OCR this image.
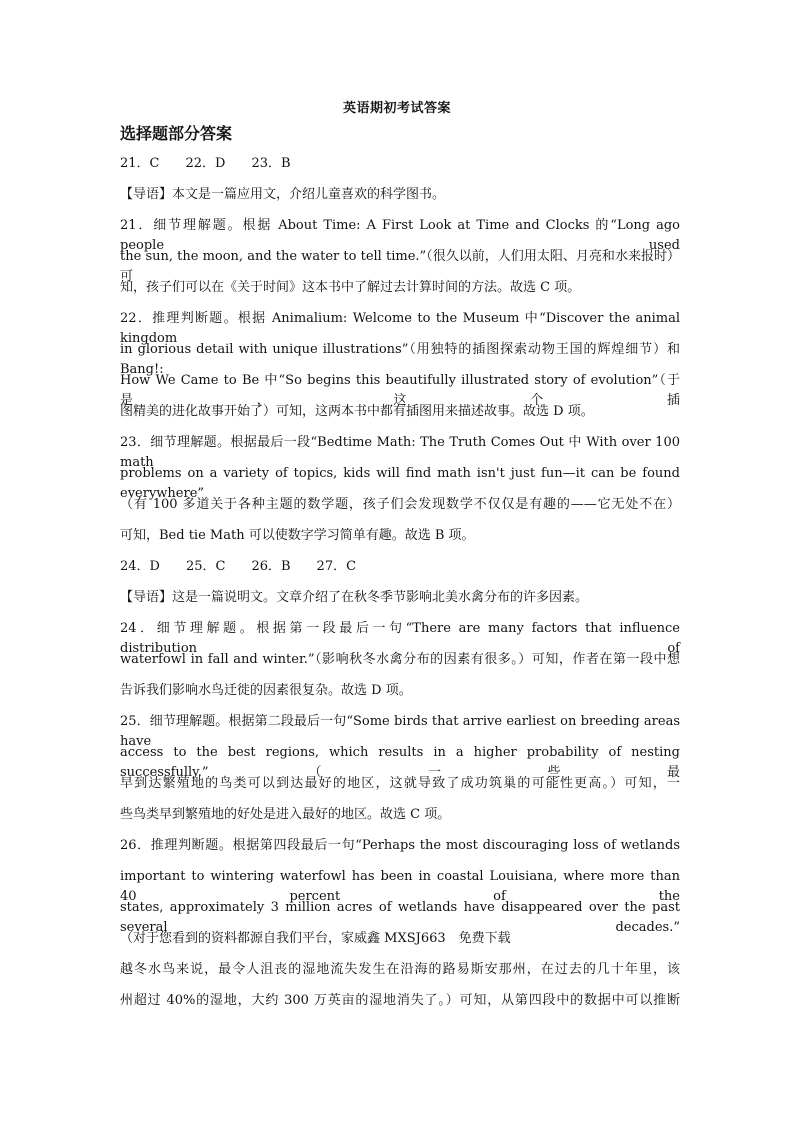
英语期初考试答案
选择题部分答案
21．C　　22．D　　23．B
【导语】本文是一篇应用文，介绍儿童喜欢的科学图书。
21．细节理解题。根据 About Time: A First Look at Time and Clocks 的“Long ago people used
the sun, the moon, and the water to tell time.”（很久以前，人们用太阳、月亮和水来报时）可
知，孩子们可以在《关于时间》这本书中了解过去计算时间的方法。故选 C 项。
22．推理判断题。根据 Animalium: Welcome to the Museum 中“Discover the animal kingdom
in glorious detail with unique illustrations”（用独特的插图探索动物王国的辉煌细节）和 Bang!:
How We Came to Be 中“So begins this beautifully illustrated story of evolution”（于是，这个插
图精美的进化故事开始了）可知，这两本书中都有插图用来描述故事。故选 D 项。
23．细节理解题。根据最后一段“Bedtime Math: The Truth Comes Out 中 With over 100 math
problems on a variety of topics, kids will find math isn't just fun—it can be found everywhere”
（有 100 多道关于各种主题的数学题，孩子们会发现数学不仅仅是有趣的——它无处不在）
可知，Bed tie Math 可以使数字学习简单有趣。故选 B 项。
24．D　　25．C　　26．B　　27．C
【导语】这是一篇说明文。文章介绍了在秋冬季节影响北美水禽分布的许多因素。
24．细节理解题。根据第一段最后一句“There are many factors that influence distribution of
waterfowl in fall and winter.”（影响秋冬水禽分布的因素有很多。）可知，作者在第一段中想
告诉我们影响水鸟迁徙的因素很复杂。故选 D 项。
25．细节理解题。根据第二段最后一句“Some birds that arrive earliest on breeding areas have
access to the best regions, which results in a higher probability of nesting successfully.”（一些最
早到达繁殖地的鸟类可以到达最好的地区，这就导致了成功筑巢的可能性更高。）可知，一
些鸟类早到繁殖地的好处是进入最好的地区。故选 C 项。
26．推理判断题。根据第四段最后一句“Perhaps the most discouraging loss of wetlands
important to wintering waterfowl has been in coastal Louisiana, where more than 40 percent of the
states, approximately 3 million acres of wetlands have disappeared over the past several decades.”
（对于您看到的资料都源自我们平台，家威鑫 MXSJ663　免费下载
越冬水鸟来说，最令人沮丧的湿地流失发生在沿海的路易斯安那州，在过去的几十年里，该
州超过 40%的湿地，大约 300 万英亩的湿地消失了。）可知，从第四段中的数据中可以推断
